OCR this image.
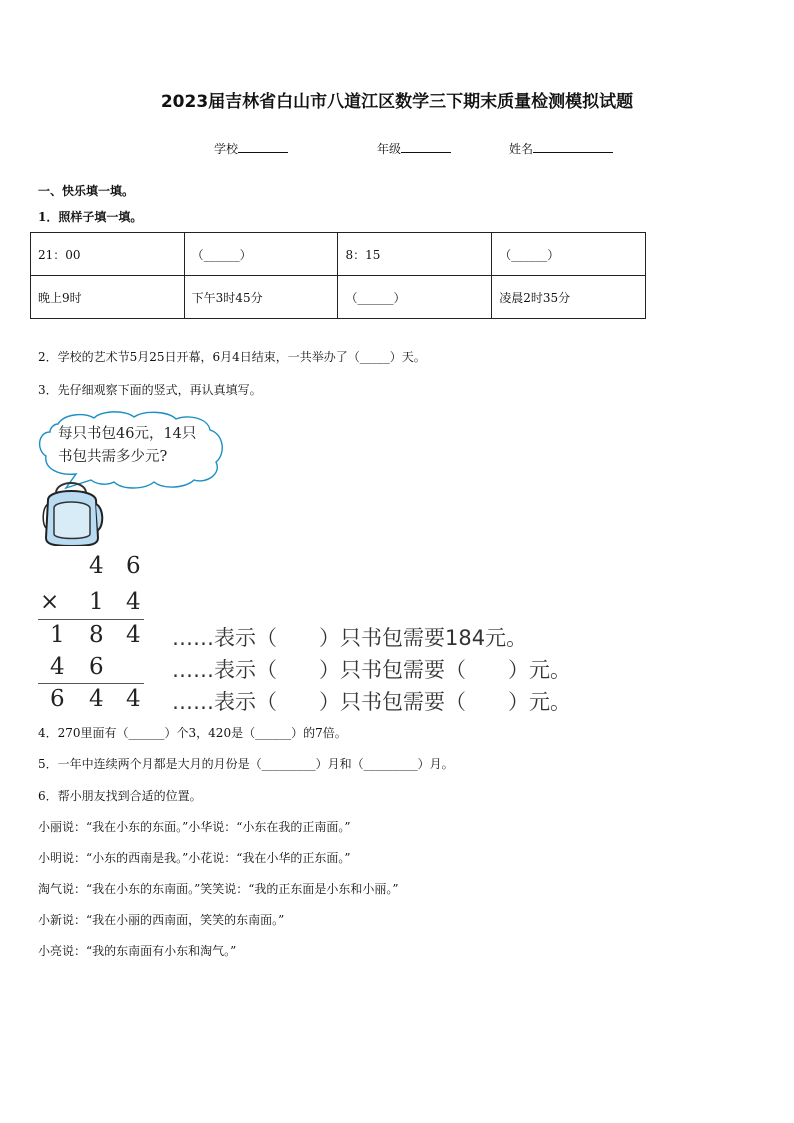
2023届吉林省白山市八道江区数学三下期末质量检测模拟试题
学校	年级	姓名
一、快乐填一填。
1．照样子填一填。
21：00	（______）	8：15	（______）
晚上9时	下午3时45分	（______）	凌晨2时35分
2．学校的艺术节5月25日开幕，6月4日结束，一共举办了（_____）天。
3．先仔细观察下面的竖式，再认真填写。
每只书包46元，14只
书包共需多少元?
4 6
× 1 4
1 8 4 ……表示（　　）只书包需要184元。
4 6	……表示（　　）只书包需要（　　）元。
6 4 4 ……表示（　　）只书包需要（　　）元。
4．270里面有（______）个3，420是（______）的7倍。
5．一年中连续两个月都是大月的月份是（_________）月和（_________）月。
6．帮小朋友找到合适的位置。
小丽说：“我在小东的东面。”小华说：“小东在我的正南面。”
小明说：“小东的西南是我。”小花说：“我在小华的正东面。”
淘气说：“我在小东的东南面。”笑笑说：“我的正东面是小东和小丽。”
小新说：“我在小丽的西南面，笑笑的东南面。”
小亮说：“我的东南面有小东和淘气。”
